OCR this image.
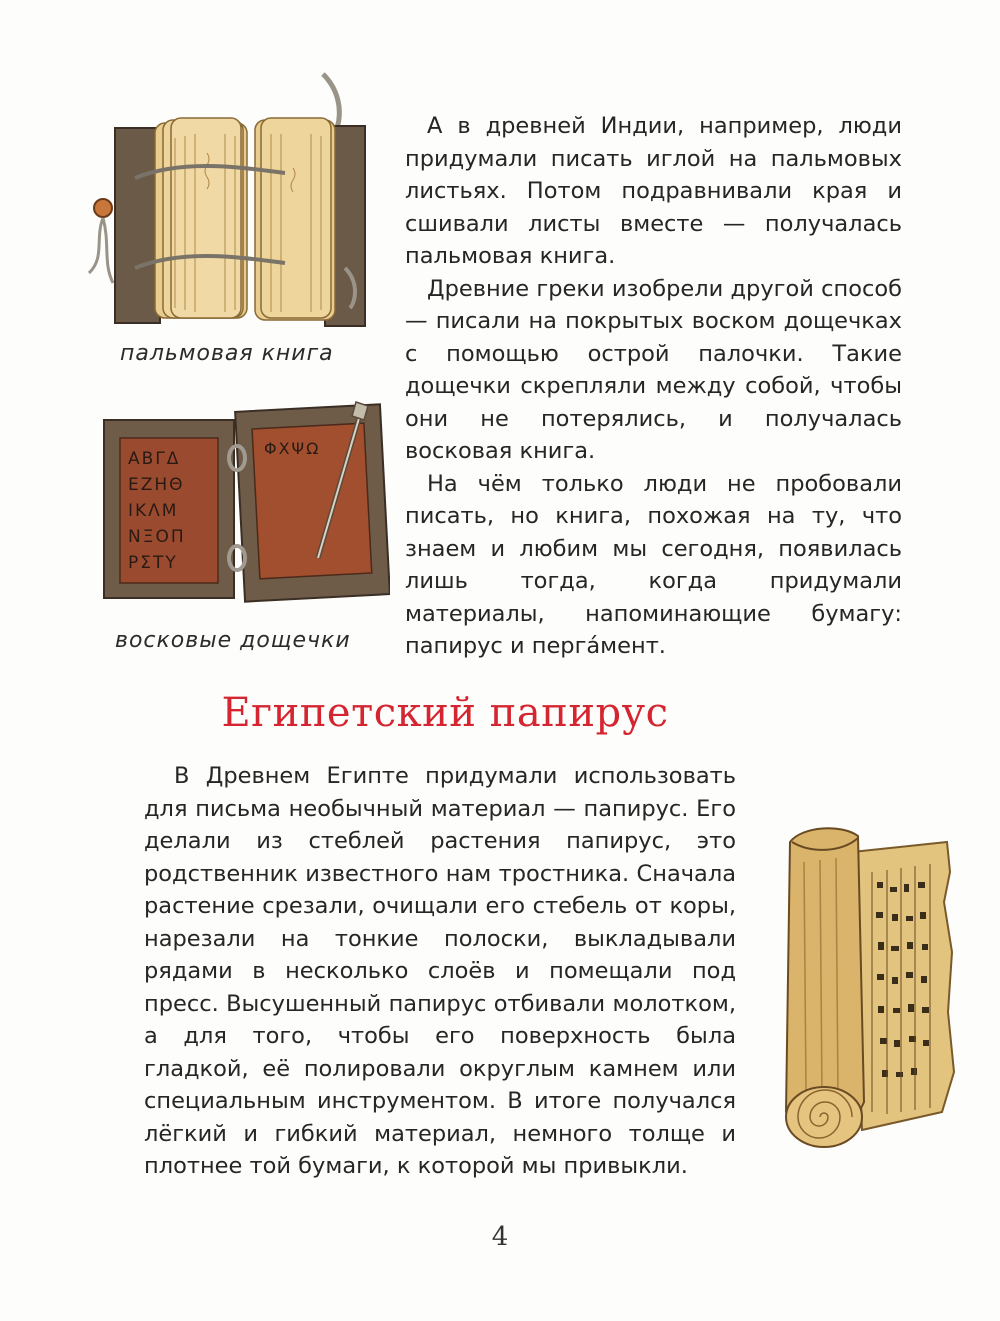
пальмовая книга
ΑΒΓΔ
ΕΖΗΘ
ΙΚΛΜ
ΝΞΟΠ
ΡΣΤΥ
ΦΧΨΩ
восковые дощечки

А в древней Индии, например, люди придумали писать иглой на пальмовых листьях. Потом подравнивали края и сшивали листы вместе — получалась пальмовая книга.

Древние греки изобрели другой способ — писали на покрытых воском дощечках с помощью острой палочки. Такие дощечки скрепляли между собой, чтобы они не потерялись, и получалась восковая книга.

На чём только люди не пробовали писать, но книга, похожая на ту, что знаем и любим мы сегодня, появилась лишь тогда, когда придумали материалы, напоминающие бумагу: папирус и пергáмент.

Египетский папирус

В Древнем Египте придумали использовать для письма необычный материал — папирус. Его делали из стеблей растения папирус, это родственник известного нам тростника. Сначала растение срезали, очищали его стебель от коры, нарезали на тонкие полоски, выкладывали рядами в несколько слоёв и помещали под пресс. Высушенный папирус отбивали молотком, а для того, чтобы его поверхность была гладкой, её полировали округлым камнем или специальным инструментом. В итоге получался лёгкий и гибкий материал, немного толще и плотнее той бумаги, к которой мы привыкли.

4
